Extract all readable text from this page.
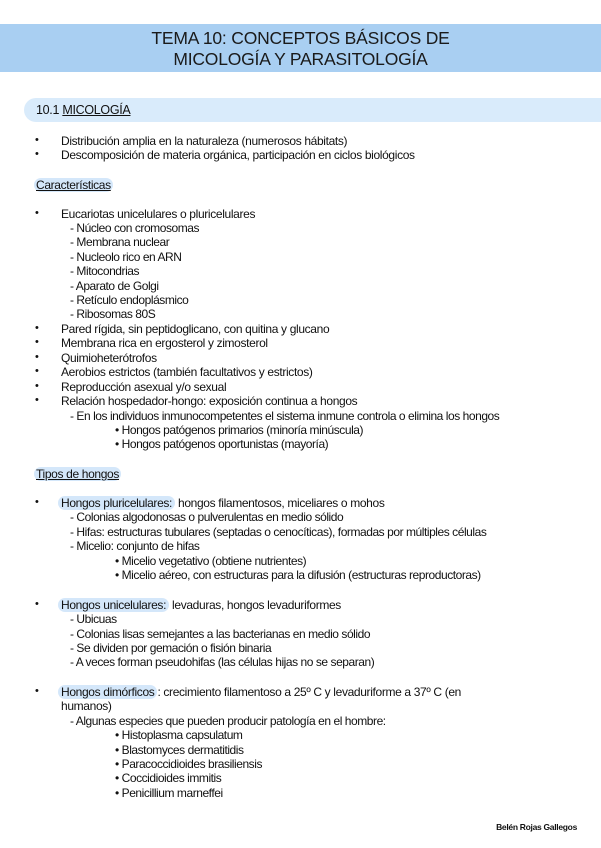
TEMA 10: CONCEPTOS BÁSICOS DE
MICOLOGÍA Y PARASITOLOGÍA
10.1 MICOLOGÍA
• Distribución amplia en la naturaleza (numerosos hábitats)
• Descomposición de materia orgánica, participación en ciclos biológicos
Características
• Eucariotas unicelulares o pluricelulares
- Núcleo con cromosomas
- Membrana nuclear
- Nucleolo rico en ARN
- Mitocondrias
- Aparato de Golgi
- Retículo endoplásmico
- Ribosomas 80S
• Pared rígida, sin peptidoglicano, con quitina y glucano
• Membrana rica en ergosterol y zimosterol
• Quimioheterótrofos
• Aerobios estrictos (también facultativos y estrictos)
• Reproducción asexual y/o sexual
• Relación hospedador-hongo: exposición continua a hongos
- En los individuos inmunocompetentes el sistema inmune controla o elimina los hongos
• Hongos patógenos primarios (minoría minúscula)
• Hongos patógenos oportunistas (mayoría)
Tipos de hongos
• Hongos pluricelulares: hongos filamentosos, miceliares o mohos
- Colonias algodonosas o pulverulentas en medio sólido
- Hifas: estructuras tubulares (septadas o cenocíticas), formadas por múltiples células
- Micelio: conjunto de hifas
• Micelio vegetativo (obtiene nutrientes)
• Micelio aéreo, con estructuras para la difusión (estructuras reproductoras)
• Hongos unicelulares: levaduras, hongos levaduriformes
- Ubicuas
- Colonias lisas semejantes a las bacterianas en medio sólido
- Se dividen por gemación o fisión binaria
- A veces forman pseudohifas (las células hijas no se separan)
• Hongos dimórficos : crecimiento filamentoso a 25º C y levaduriforme a 37º C (en
humanos)
- Algunas especies que pueden producir patología en el hombre:
• Histoplasma capsulatum
• Blastomyces dermatitidis
• Paracoccidioides brasiliensis
• Coccidioides immitis
• Penicillium marneffei
Belén Rojas Gallegos
